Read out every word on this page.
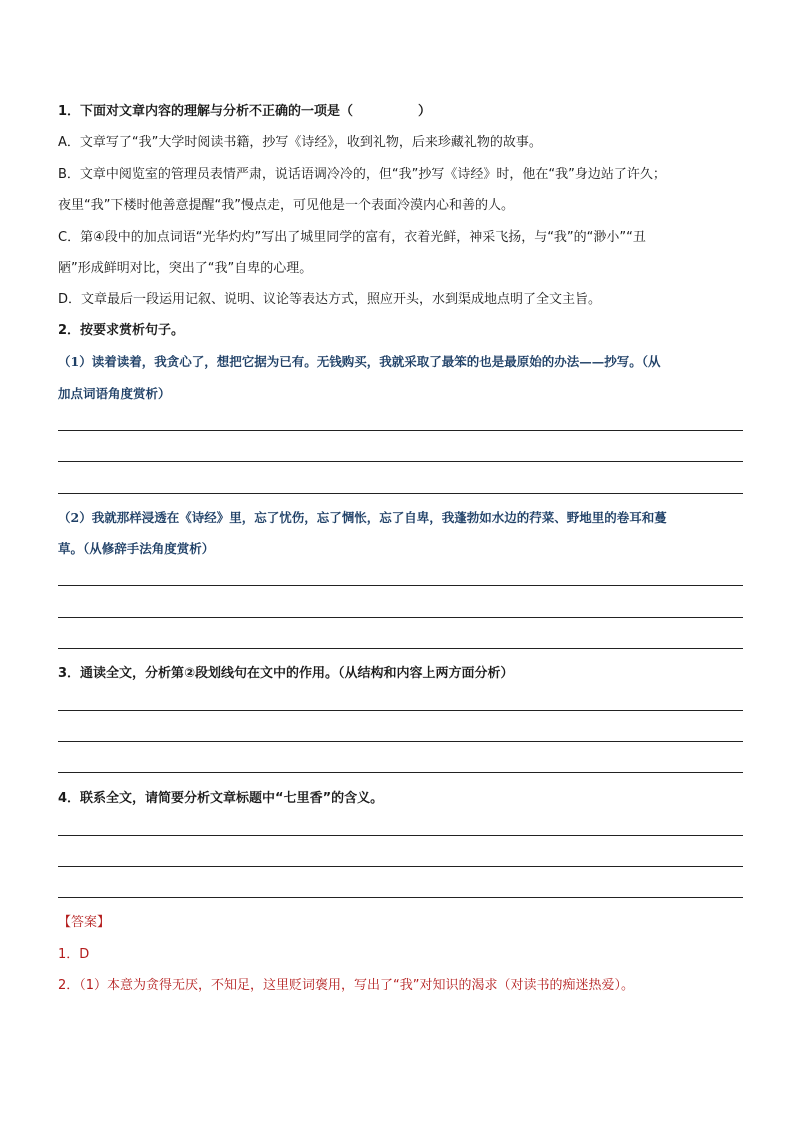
1．下面对文章内容的理解与分析不正确的一项是（　　　　　）
A．文章写了“我”大学时阅读书籍，抄写《诗经》，收到礼物，后来珍藏礼物的故事。
B．文章中阅览室的管理员表情严肃，说话语调冷冷的，但“我”抄写《诗经》时，他在“我”身边站了许久；
夜里“我”下楼时他善意提醒“我”慢点走，可见他是一个表面冷漠内心和善的人。
C．第④段中的加点词语“光华灼灼”写出了城里同学的富有，衣着光鲜，神采飞扬，与“我”的“渺小”“丑
陋”形成鲜明对比，突出了“我”自卑的心理。
D．文章最后一段运用记叙、说明、议论等表达方式，照应开头，水到渠成地点明了全文主旨。
2．按要求赏析句子。
（1）读着读着，我贪心了，想把它据为已有。无钱购买，我就采取了最笨的也是最原始的办法——抄写。（从
加点词语角度赏析）
（2）我就那样浸透在《诗经》里，忘了忧伤，忘了惆怅，忘了自卑，我蓬勃如水边的荇菜、野地里的卷耳和蔓
草。（从修辞手法角度赏析）
3．通读全文，分析第②段划线句在文中的作用。（从结构和内容上两方面分析）
4．联系全文，请简要分析文章标题中“七里香”的含义。
【答案】
1．D
2．（1）本意为贪得无厌，不知足，这里贬词褒用，写出了“我”对知识的渴求（对读书的痴迷热爱）。
